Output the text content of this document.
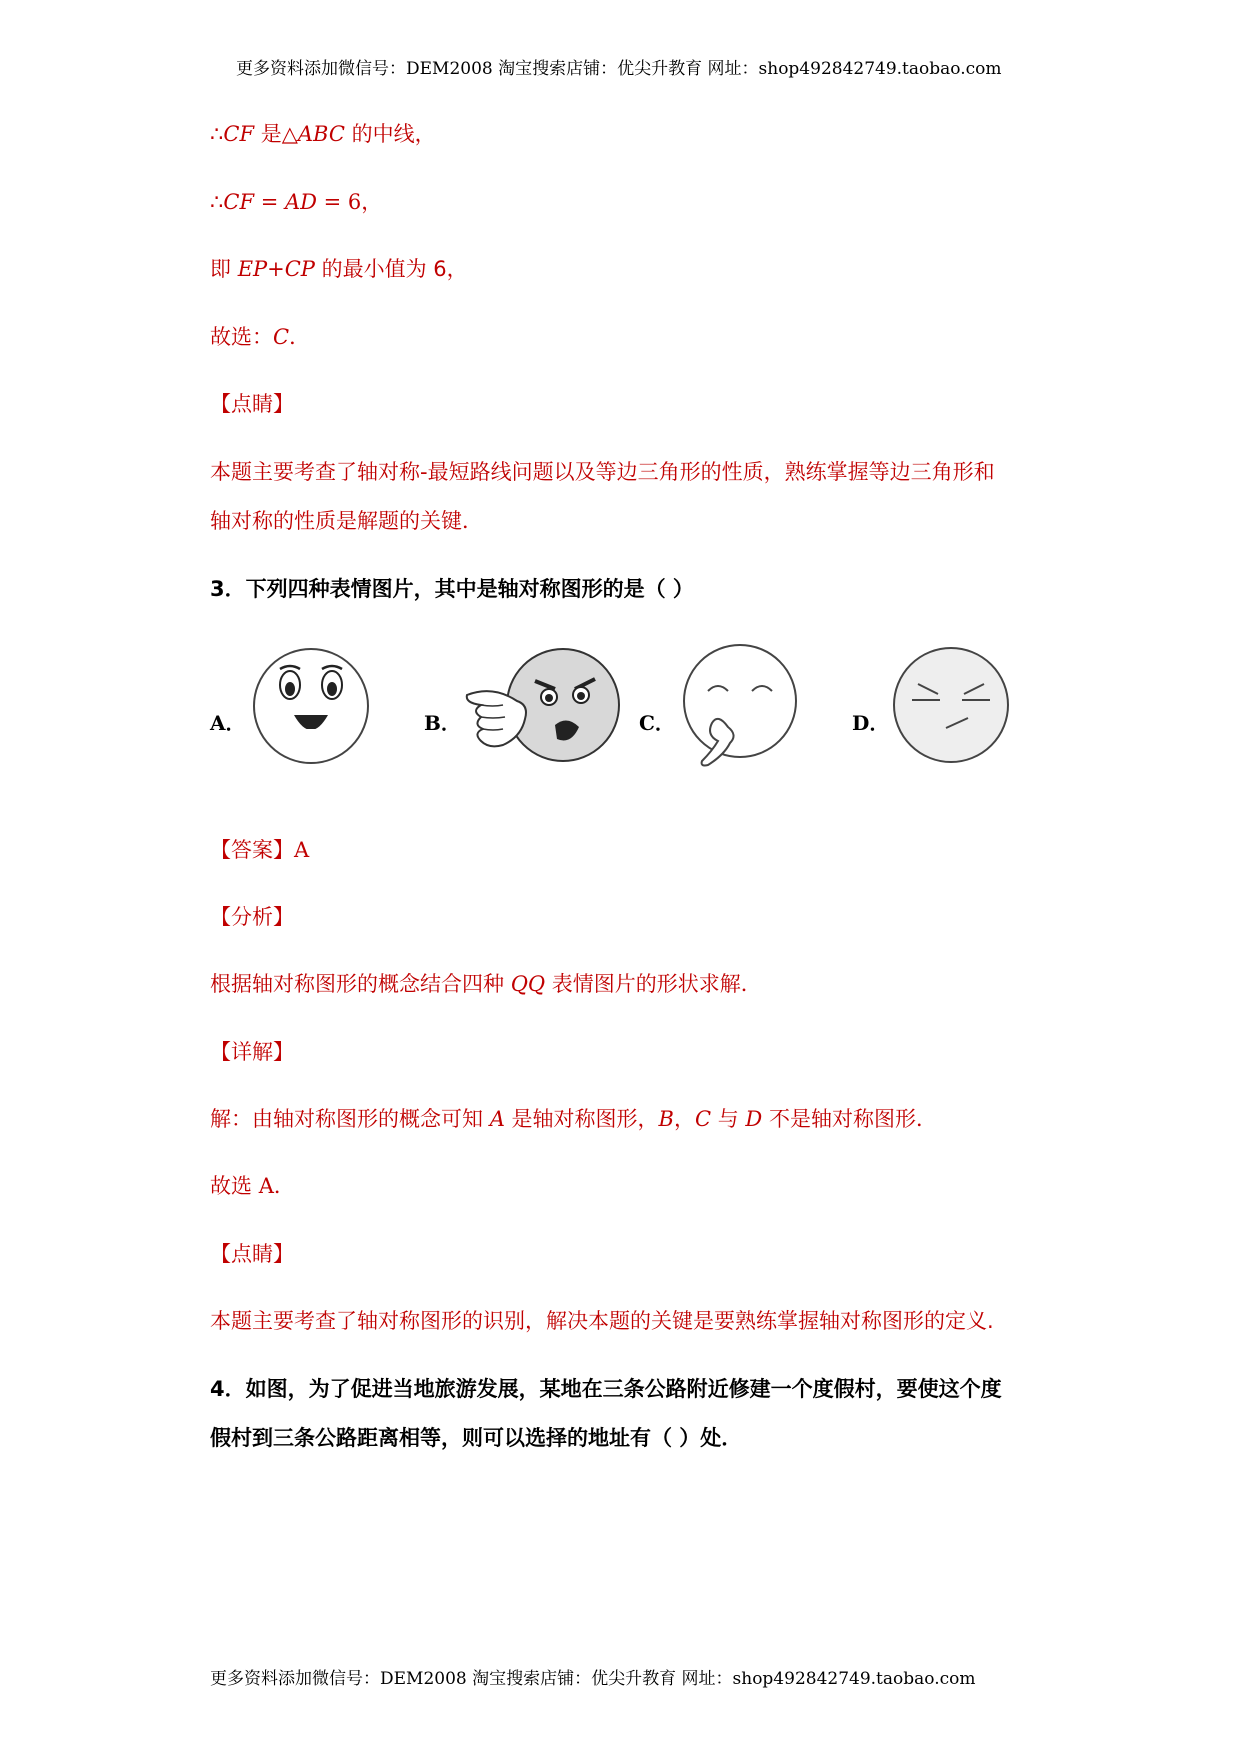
更多资料添加微信号：DEM2008 淘宝搜索店铺：优尖升教育 网址：shop492842749.taobao.com
∴CF 是△ABC 的中线，
∴CF = AD = 6，
即 EP+CP 的最小值为 6，
故选：C．
【点睛】
本题主要考查了轴对称-最短路线问题以及等边三角形的性质，熟练掌握等边三角形和
轴对称的性质是解题的关键．
3．下列四种表情图片，其中是轴对称图形的是（ ）
A．	B．	C．	D．
【答案】A
【分析】
根据轴对称图形的概念结合四种 QQ 表情图片的形状求解．
【详解】
解：由轴对称图形的概念可知 A 是轴对称图形，B，C 与 D 不是轴对称图形．
故选 A．
【点睛】
本题主要考查了轴对称图形的识别，解决本题的关键是要熟练掌握轴对称图形的定义.
4．如图，为了促进当地旅游发展，某地在三条公路附近修建一个度假村，要使这个度
假村到三条公路距离相等，则可以选择的地址有（ ）处．
更多资料添加微信号：DEM2008 淘宝搜索店铺：优尖升教育 网址：shop492842749.taobao.com
